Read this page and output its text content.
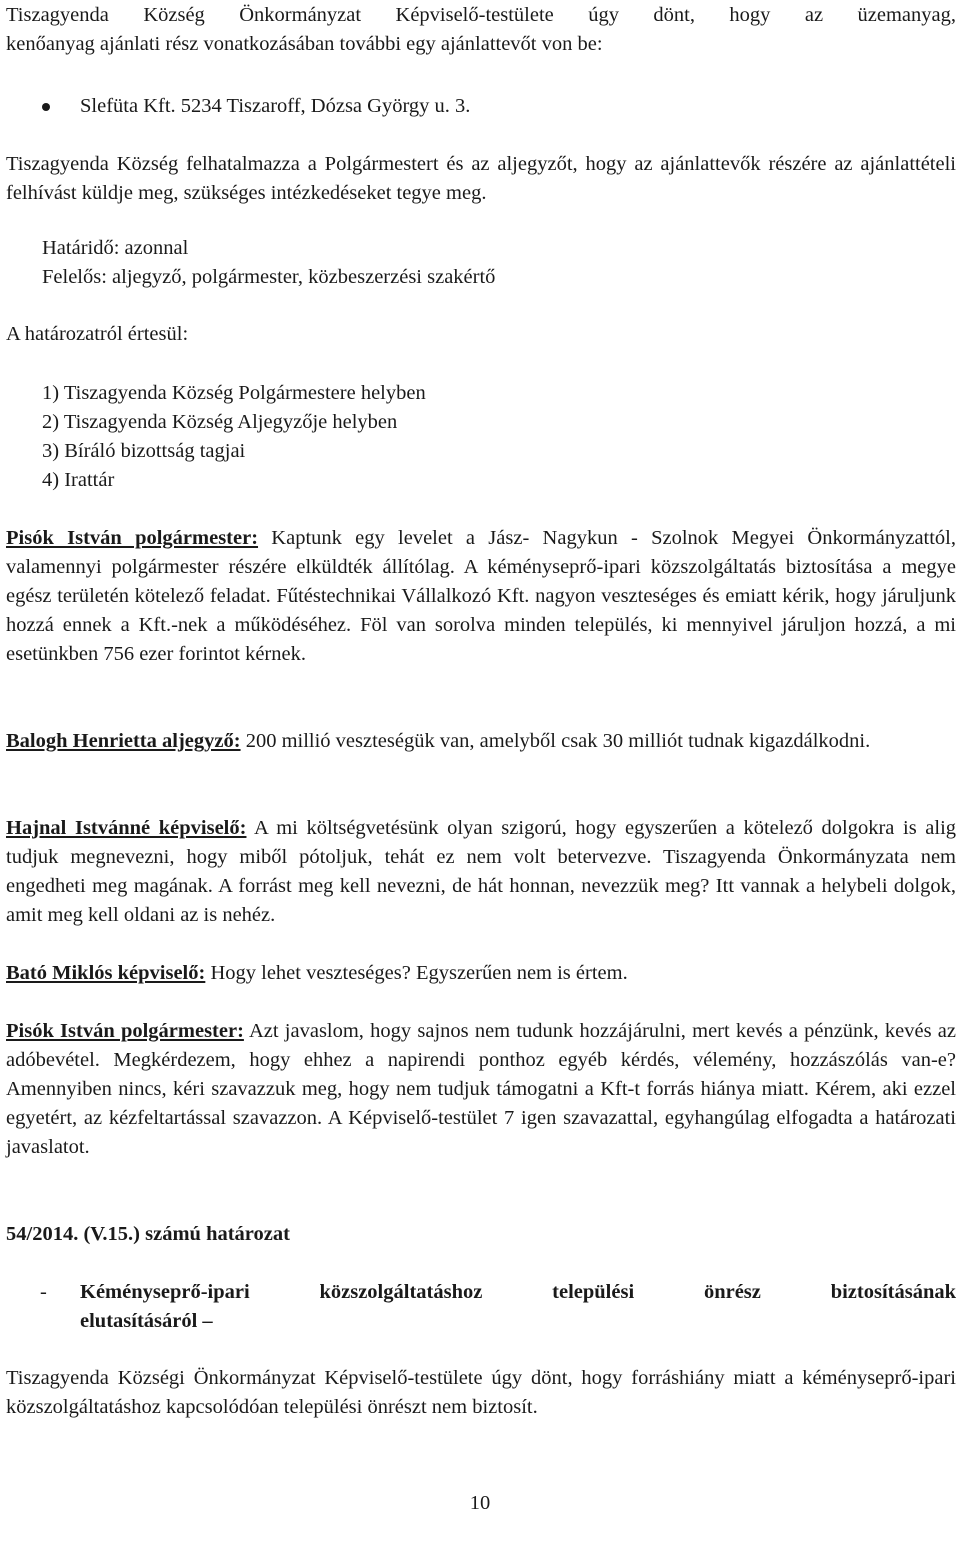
Tiszagyenda Község Önkormányzat Képviselő-testülete úgy dönt, hogy az üzemanyag,
kenőanyag ajánlati rész vonatkozásában további egy ajánlattevőt von be:
Slefüta Kft. 5234 Tiszaroff, Dózsa György u. 3.
Tiszagyenda Község felhatalmazza a Polgármestert és az aljegyzőt, hogy az ajánlattevők részére az ajánlattételi felhívást küldje meg, szükséges intézkedéseket tegye meg.
Határidő: azonnal
Felelős: aljegyző, polgármester, közbeszerzési szakértő
A határozatról értesül:
1) Tiszagyenda Község Polgármestere helyben
2) Tiszagyenda Község Aljegyzője helyben
3) Bíráló bizottság tagjai
4) Irattár
Pisók István polgármester: Kaptunk egy levelet a Jász- Nagykun - Szolnok Megyei Önkormányzattól, valamennyi polgármester részére elküldték állítólag. A kéményseprő-ipari közszolgáltatás biztosítása a megye egész területén kötelező feladat. Fűtéstechnikai Vállalkozó Kft. nagyon veszteséges és emiatt kérik, hogy járuljunk hozzá ennek a Kft.-nek a működéséhez. Föl van sorolva minden település, ki mennyivel járuljon hozzá, a mi esetünkben 756 ezer forintot kérnek.
Balogh Henrietta aljegyző: 200 millió veszteségük van, amelyből csak 30 milliót tudnak kigazdálkodni.
Hajnal Istvánné képviselő: A mi költségvetésünk olyan szigorú, hogy egyszerűen a kötelező dolgokra is alig tudjuk megnevezni, hogy miből pótoljuk, tehát ez nem volt betervezve. Tiszagyenda Önkormányzata nem engedheti meg magának. A forrást meg kell nevezni, de hát honnan, nevezzük meg? Itt vannak a helybeli dolgok, amit meg kell oldani az is nehéz.
Bató Miklós képviselő: Hogy lehet veszteséges? Egyszerűen nem is értem.
Pisók István polgármester: Azt javaslom, hogy sajnos nem tudunk hozzájárulni, mert kevés a pénzünk, kevés az adóbevétel. Megkérdezem, hogy ehhez a napirendi ponthoz egyéb kérdés, vélemény, hozzászólás van-e? Amennyiben nincs, kéri szavazzuk meg, hogy nem tudjuk támogatni a Kft-t forrás hiánya miatt. Kérem, aki ezzel egyetért, az kézfeltartással szavazzon. A Képviselő-testület 7 igen szavazattal, egyhangúlag elfogadta a határozati javaslatot.
54/2014. (V.15.) számú határozat
- Kéményseprő-ipari közszolgáltatáshoz települési önrész biztosításának
elutasításáról –
Tiszagyenda Községi Önkormányzat Képviselő-testülete úgy dönt, hogy forráshiány miatt a kéményseprő-ipari közszolgáltatáshoz kapcsolódóan települési önrészt nem biztosít.
10
